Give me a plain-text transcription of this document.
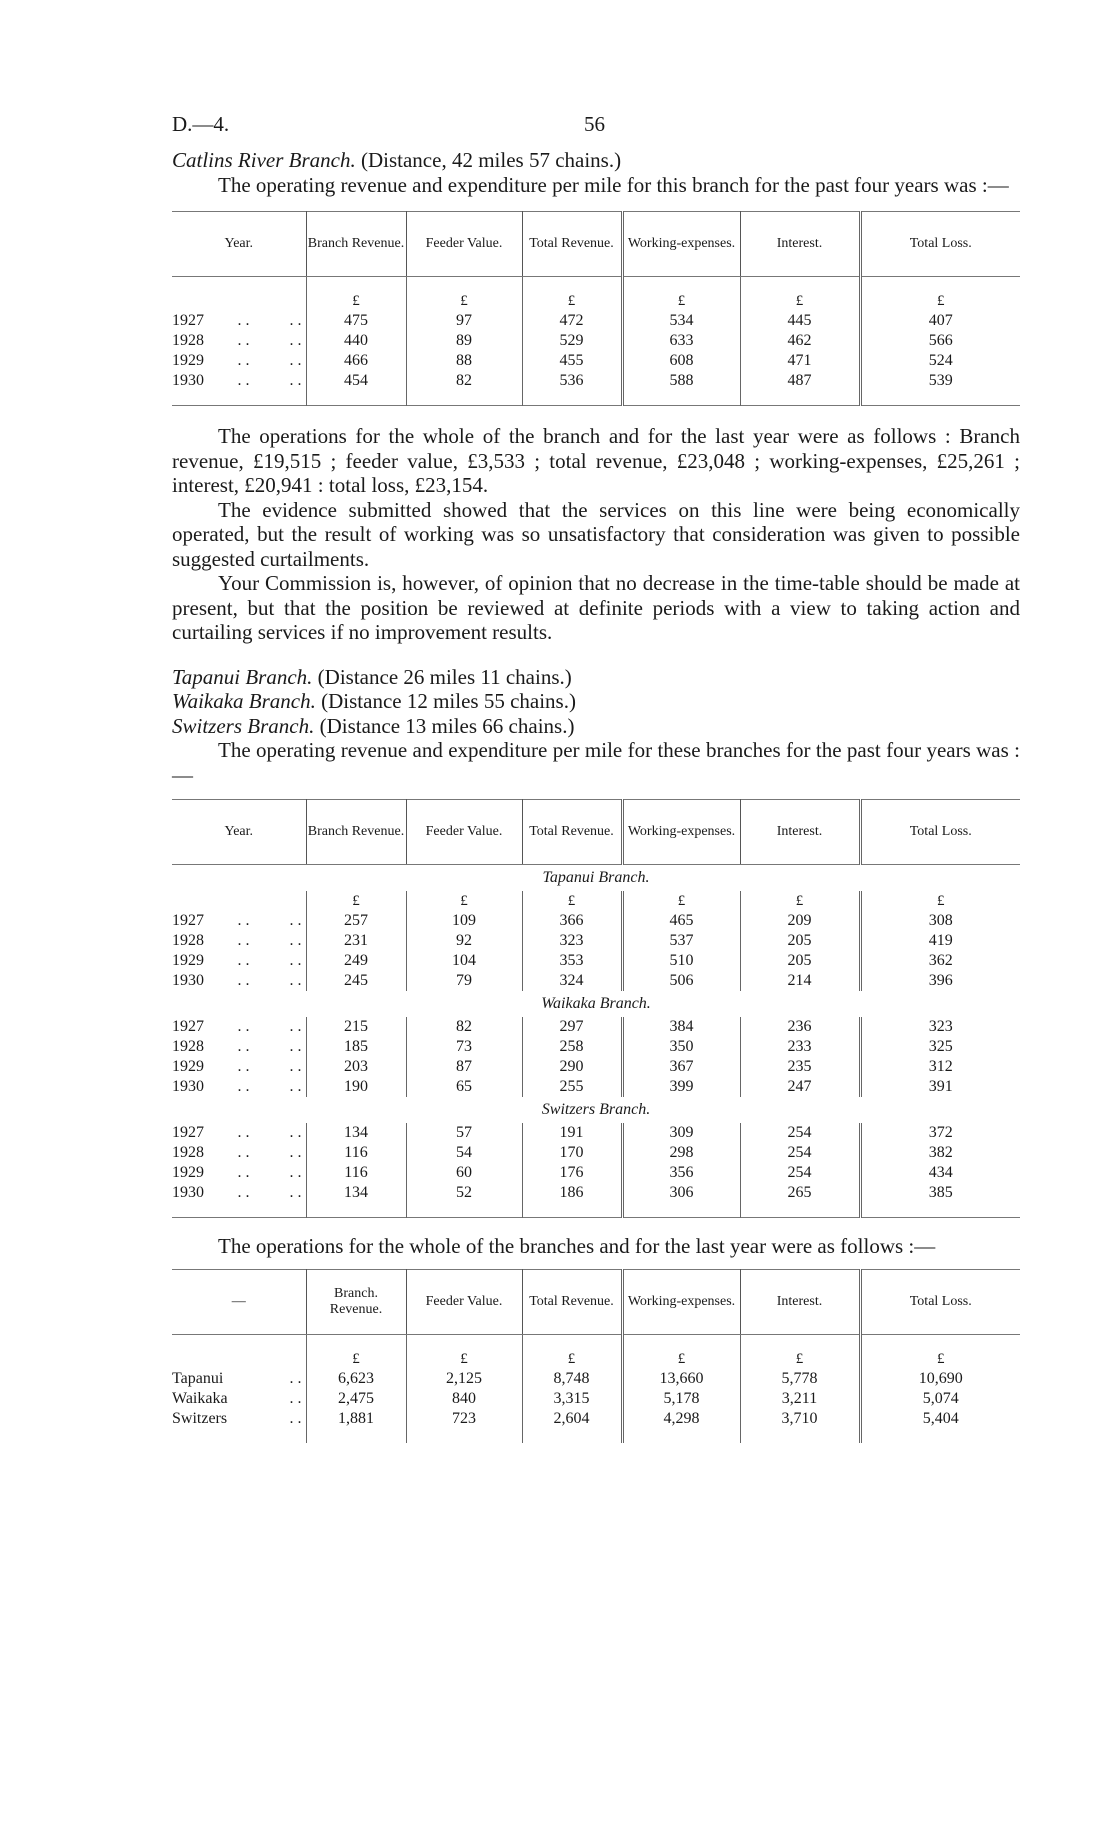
D.—4.	56
Catlins River Branch. (Distance, 42 miles 57 chains.)

The operating revenue and expenditure per mile for this branch for the past four years was :—

Year.	Branch Revenue.	Feeder Value.	Total Revenue.	Working-expenses.	Interest.	Total Loss.

	£	£	£	£	£	£

1927 . .          . .	475	97	472	534	445	407

1928 . .          . .	440	89	529	633	462	566

1929 . .          . .	466	88	455	608	471	524

1930 . .          . .	454	82	536	588	487	539

The operations for the whole of the branch and for the last year were as follows : Branch revenue, £19,515 ; feeder value, £3,533 ; total revenue, £23,048 ; working-expenses, £25,261 ; interest, £20,941 : total loss, £23,154.

The evidence submitted showed that the services on this line were being economically operated, but the result of working was so unsatisfactory that consideration was given to possible suggested curtailments.

Your Commission is, however, of opinion that no decrease in the time-table should be made at present, but that the position be reviewed at definite periods with a view to taking action and curtailing services if no improvement results.

Tapanui Branch. (Distance 26 miles 11 chains.)
Waikaka Branch. (Distance 12 miles 55 chains.)
Switzers Branch. (Distance 13 miles 66 chains.)

The operating revenue and expenditure per mile for these branches for the past four years was :—

Year.	Branch Revenue.	Feeder Value.	Total Revenue.	Working-expenses.	Interest.	Total Loss.
Tapanui Branch.						
	£	£	£	£	£	£

1927 . .          . .	257	109	366	465	209	308

1928 . .          . .	231	92	323	537	205	419

1929 . .          . .	249	104	353	510	205	362

1930 . .          . .	245	79	324	506	214	396
Waikaka Branch.						

1927 . .          . .	215	82	297	384	236	323

1928 . .          . .	185	73	258	350	233	325

1929 . .          . .	203	87	290	367	235	312

1930 . .          . .	190	65	255	399	247	391
Switzers Branch.						

1927 . .          . .	134	57	191	309	254	372

1928 . .          . .	116	54	170	298	254	382

1929 . .          . .	116	60	176	356	254	434

1930 . .          . .	134	52	186	306	265	385

The operations for the whole of the branches and for the last year were as follows :—

—	Branch. Revenue.	Feeder Value.	Total Revenue.	Working-expenses.	Interest.	Total Loss.

	£	£	£	£	£	£

Tapanui . .	6,623	2,125	8,748	13,660	5,778	10,690

Waikaka . .	2,475	840	3,315	5,178	3,211	5,074

Switzers . .	1,881	723	2,604	4,298	3,710	5,404
